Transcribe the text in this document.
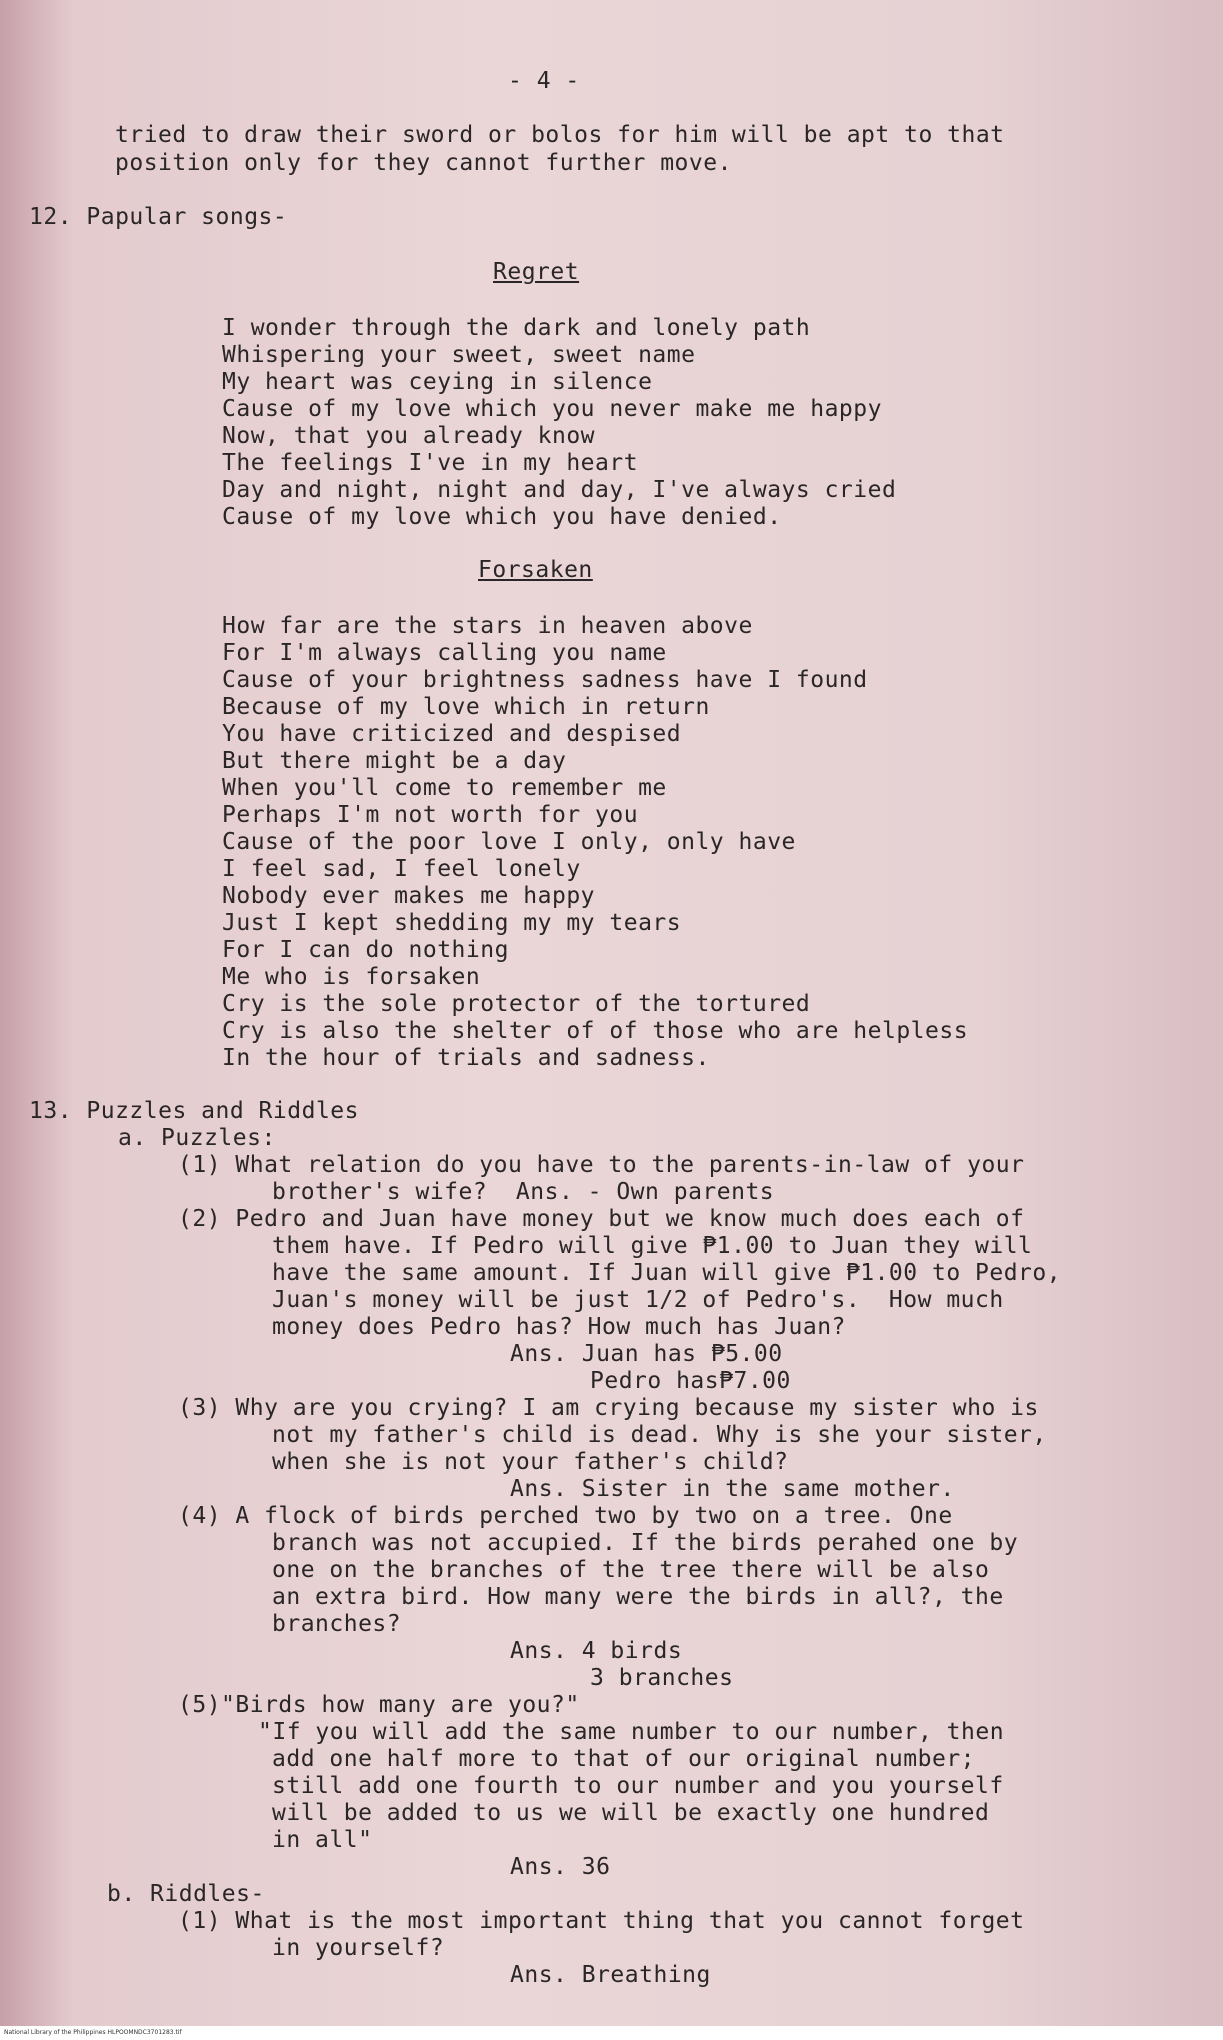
- 4 -
tried to draw their sword or bolos for him will be apt to that
position only for they cannot further move.
12. Papular songs-
Regret
I wonder through the dark and lonely path
Whispering your sweet, sweet name
My heart was ceying in silence
Cause of my love which you never make me happy
Now, that you already know
The feelings I've in my heart
Day and night, night and day, I've always cried
Cause of my love which you have denied.
Forsaken
How far are the stars in heaven above
For I'm always calling you name
Cause of your brightness sadness have I found
Because of my love which in return
You have criticized and despised
But there might be a day
When you'll come to remember me
Perhaps I'm not worth for you
Cause of the poor love I only, only have
I feel sad, I feel lonely
Nobody ever makes me happy
Just I kept shedding my my tears
For I can do nothing
Me who is forsaken
Cry is the sole protector of the tortured
Cry is also the shelter of of those who are helpless
In the hour of trials and sadness.
13. Puzzles and Riddles
a. Puzzles:
(1) What relation do you have to the parents-in-law of your
brother's wife?  Ans. - Own parents
(2) Pedro and Juan have money but we know much does each of
them have. If Pedro will give ₱1.00 to Juan they will
have the same amount. If Juan will give ₱1.00 to Pedro,
Juan's money will be just 1/2 of Pedro's.  How much
money does Pedro has? How much has Juan?
Ans. Juan has ₱5.00
Pedro has₱7.00
(3) Why are you crying? I am crying because my sister who is
not my father's child is dead. Why is she your sister,
when she is not your father's child?
Ans. Sister in the same mother.
(4) A flock of birds perched two by two on a tree. One
branch was not accupied. If the birds perahed one by
one on the branches of the tree there will be also
an extra bird. How many were the birds in all?, the
branches?
Ans. 4 birds
3 branches
(5)"Birds how many are you?"
"If you will add the same number to our number, then
add one half more to that of our original number;
still add one fourth to our number and you yourself
will be added to us we will be exactly one hundred
in all"
Ans. 36
b. Riddles-
(1) What is the most important thing that you cannot forget
in yourself?
Ans. Breathing
National Library of the Philippines HLPOOMNDC3701283.tif
